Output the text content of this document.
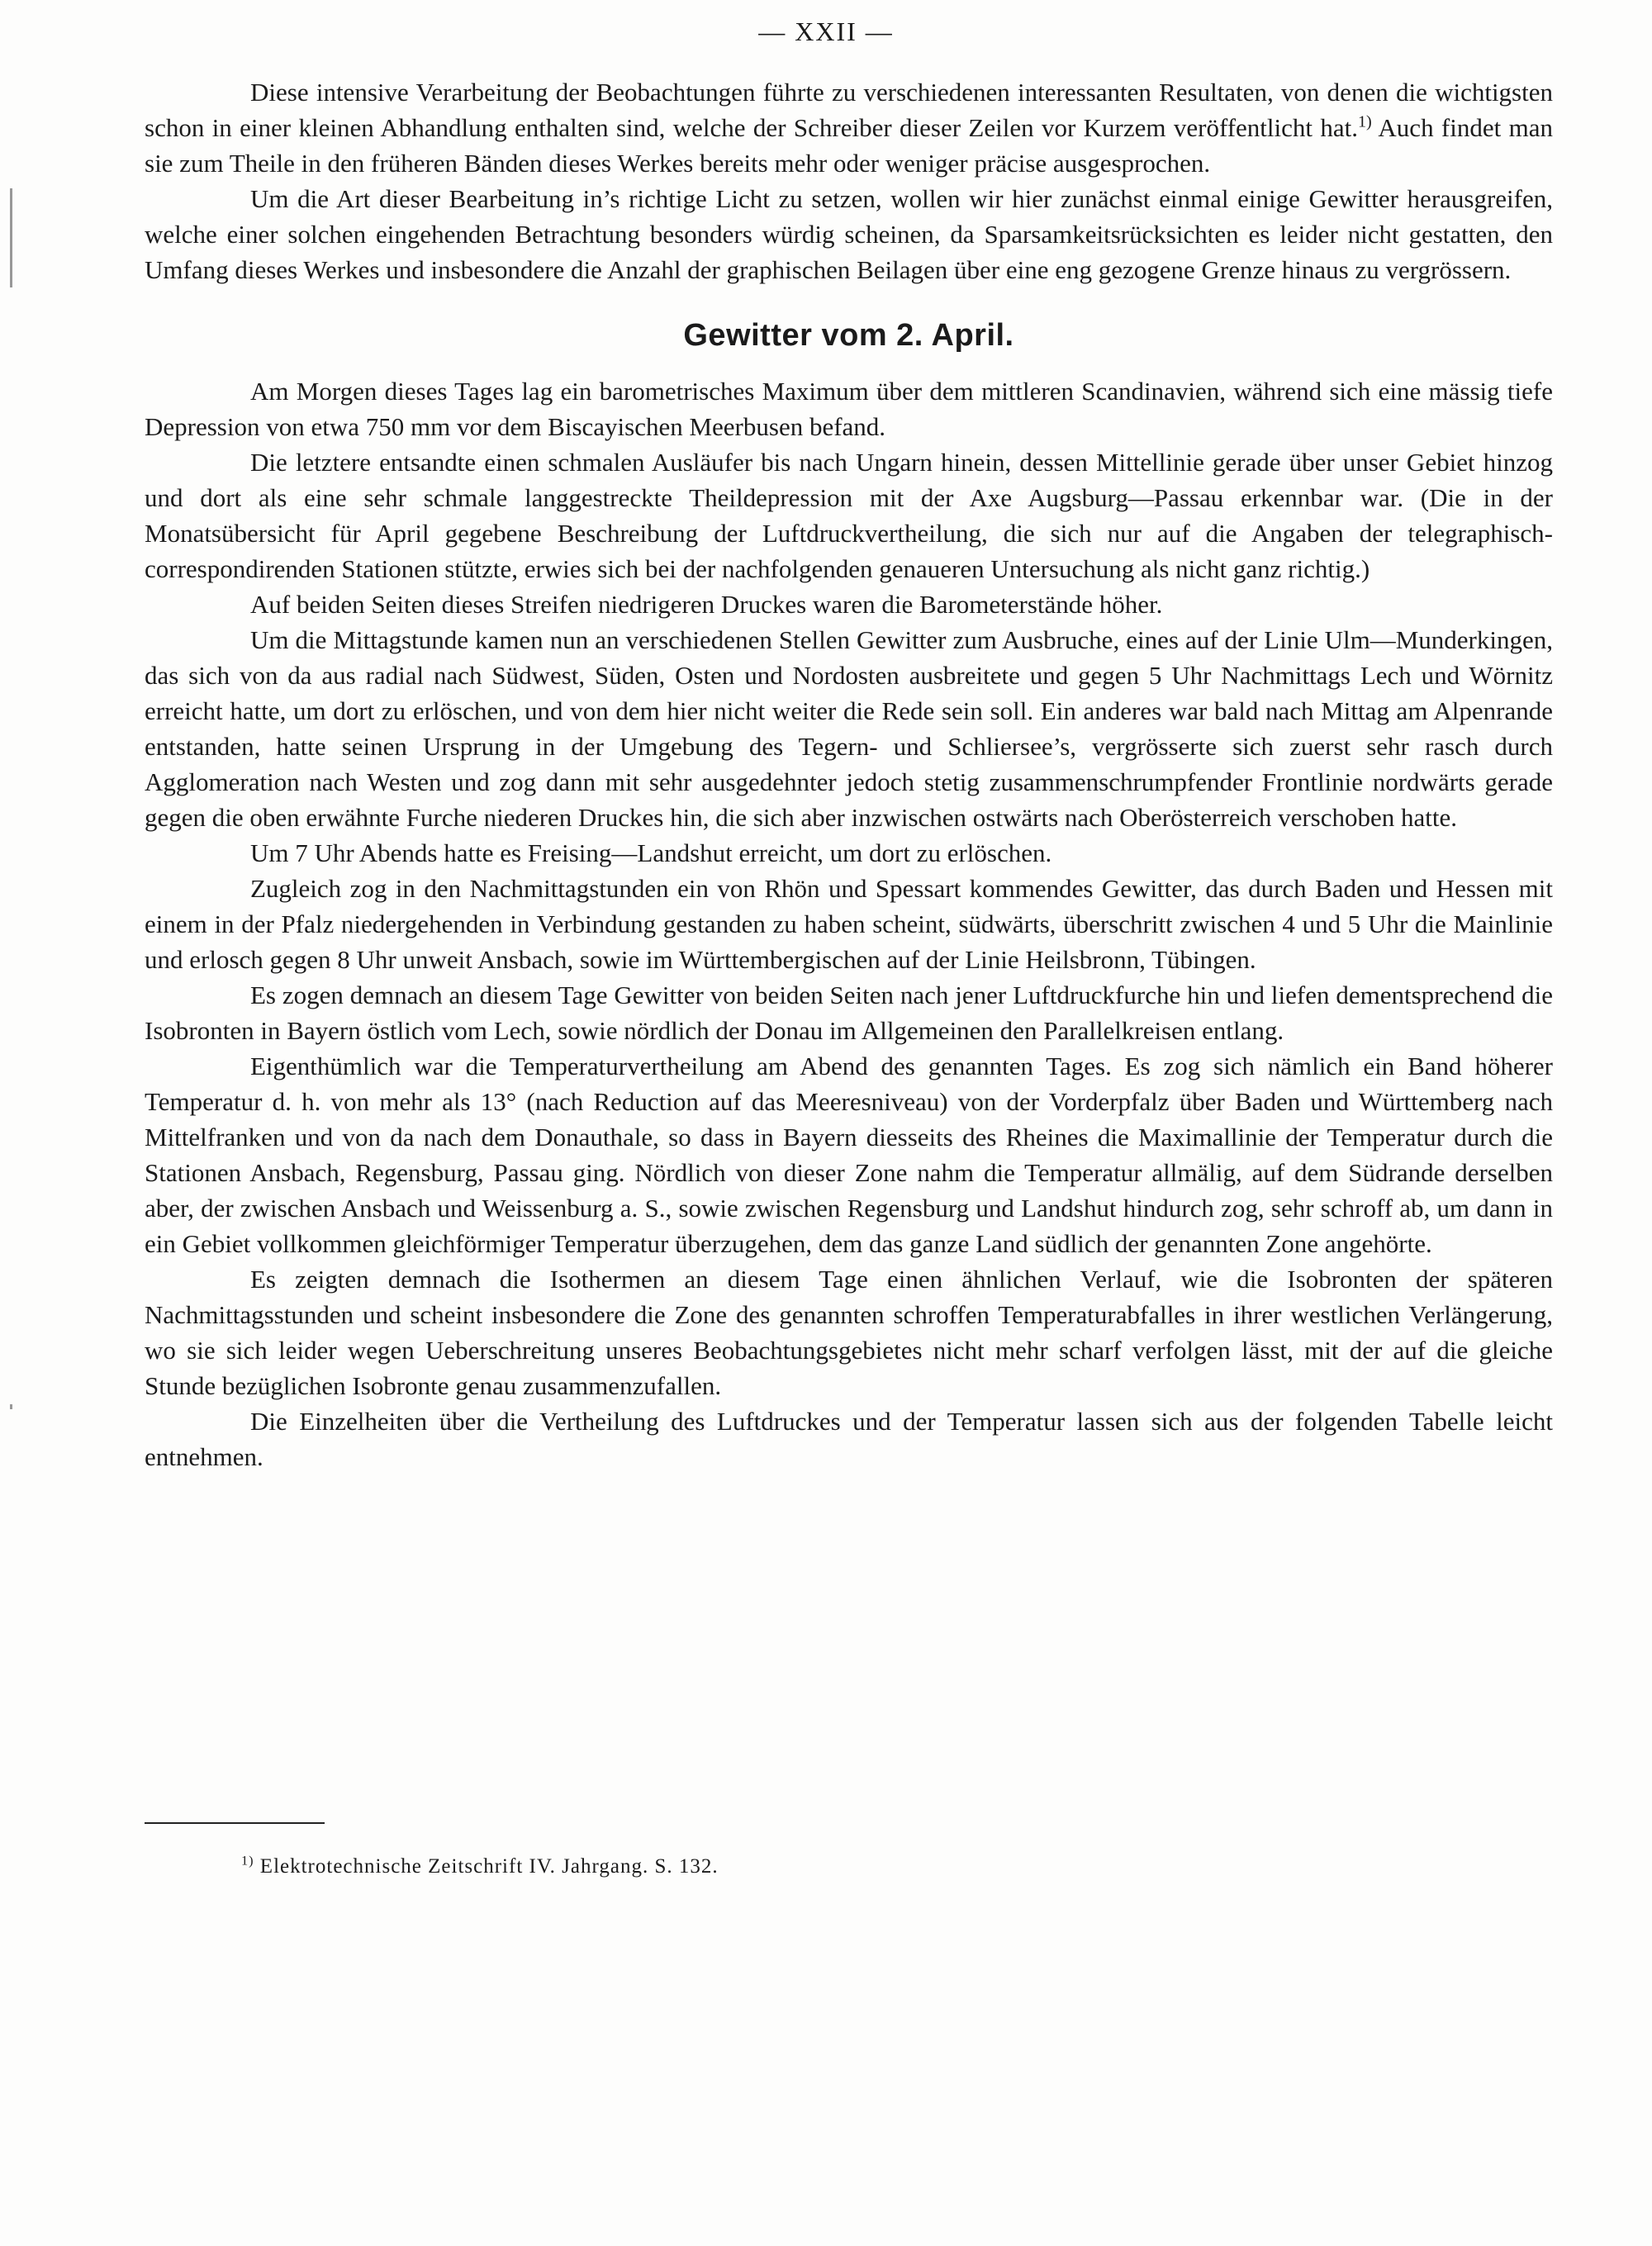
— XXII —

Diese intensive Verarbeitung der Beobachtungen führte zu verschiedenen interessanten Resultaten, von denen die wichtigsten schon in einer kleinen Abhandlung enthalten sind, welche der Schreiber dieser Zeilen vor Kurzem veröffentlicht hat.$^{1)}$ Auch findet man sie zum Theile in den früheren Bänden dieses Werkes bereits mehr oder weniger präcise ausgesprochen.

Um die Art dieser Bearbeitung in’s richtige Licht zu setzen, wollen wir hier zunächst einmal einige Gewitter herausgreifen, welche einer solchen eingehenden Betrachtung besonders würdig scheinen, da Sparsamkeitsrücksichten es leider nicht gestatten, den Umfang dieses Werkes und insbesondere die Anzahl der graphischen Beilagen über eine eng gezogene Grenze hinaus zu vergrössern.

Gewitter vom 2. April.

Am Morgen dieses Tages lag ein barometrisches Maximum über dem mittleren Scandinavien, während sich eine mässig tiefe Depression von etwa 750 mm vor dem Biscayischen Meerbusen befand.

Die letztere entsandte einen schmalen Ausläufer bis nach Ungarn hinein, dessen Mittellinie gerade über unser Gebiet hinzog und dort als eine sehr schmale langgestreckte Theildepression mit der Axe Augsburg—Passau erkennbar war. (Die in der Monatsübersicht für April gegebene Beschreibung der Luftdruckvertheilung, die sich nur auf die Angaben der telegraphisch-correspondirenden Stationen stützte, erwies sich bei der nachfolgenden genaueren Untersuchung als nicht ganz richtig.)

Auf beiden Seiten dieses Streifen niedrigeren Druckes waren die Barometerstände höher.

Um die Mittagstunde kamen nun an verschiedenen Stellen Gewitter zum Ausbruche, eines auf der Linie Ulm—Munderkingen, das sich von da aus radial nach Südwest, Süden, Osten und Nordosten ausbreitete und gegen 5 Uhr Nachmittags Lech und Wörnitz erreicht hatte, um dort zu erlöschen, und von dem hier nicht weiter die Rede sein soll. Ein anderes war bald nach Mittag am Alpenrande entstanden, hatte seinen Ursprung in der Umgebung des Tegern- und Schliersee’s, vergrösserte sich zuerst sehr rasch durch Agglomeration nach Westen und zog dann mit sehr ausgedehnter jedoch stetig zusammenschrumpfender Frontlinie nordwärts gerade gegen die oben erwähnte Furche niederen Druckes hin, die sich aber inzwischen ostwärts nach Oberösterreich verschoben hatte.

Um 7 Uhr Abends hatte es Freising—Landshut erreicht, um dort zu erlöschen.

Zugleich zog in den Nachmittagstunden ein von Rhön und Spessart kommendes Gewitter, das durch Baden und Hessen mit einem in der Pfalz niedergehenden in Verbindung gestanden zu haben scheint, südwärts, überschritt zwischen 4 und 5 Uhr die Mainlinie und erlosch gegen 8 Uhr unweit Ansbach, sowie im Württembergischen auf der Linie Heilsbronn, Tübingen.

Es zogen demnach an diesem Tage Gewitter von beiden Seiten nach jener Luftdruckfurche hin und liefen dementsprechend die Isobronten in Bayern östlich vom Lech, sowie nördlich der Donau im Allgemeinen den Parallelkreisen entlang.

Eigenthümlich war die Temperaturvertheilung am Abend des genannten Tages. Es zog sich nämlich ein Band höherer Temperatur d. h. von mehr als 13° (nach Reduction auf das Meeresniveau) von der Vorderpfalz über Baden und Württemberg nach Mittelfranken und von da nach dem Donauthale, so dass in Bayern diesseits des Rheines die Maximallinie der Temperatur durch die Stationen Ansbach, Regensburg, Passau ging. Nördlich von dieser Zone nahm die Temperatur allmälig, auf dem Südrande derselben aber, der zwischen Ansbach und Weissenburg a. S., sowie zwischen Regensburg und Landshut hindurch zog, sehr schroff ab, um dann in ein Gebiet vollkommen gleichförmiger Temperatur überzugehen, dem das ganze Land südlich der genannten Zone angehörte.

Es zeigten demnach die Isothermen an diesem Tage einen ähnlichen Verlauf, wie die Isobronten der späteren Nachmittagsstunden und scheint insbesondere die Zone des genannten schroffen Temperaturabfalles in ihrer westlichen Verlängerung, wo sie sich leider wegen Ueberschreitung unseres Beobachtungsgebietes nicht mehr scharf verfolgen lässt, mit der auf die gleiche Stunde bezüglichen Isobronte genau zusammenzufallen.

Die Einzelheiten über die Vertheilung des Luftdruckes und der Temperatur lassen sich aus der folgenden Tabelle leicht entnehmen.

$^{1)}$ Elektrotechnische Zeitschrift IV. Jahrgang. S. 132.
